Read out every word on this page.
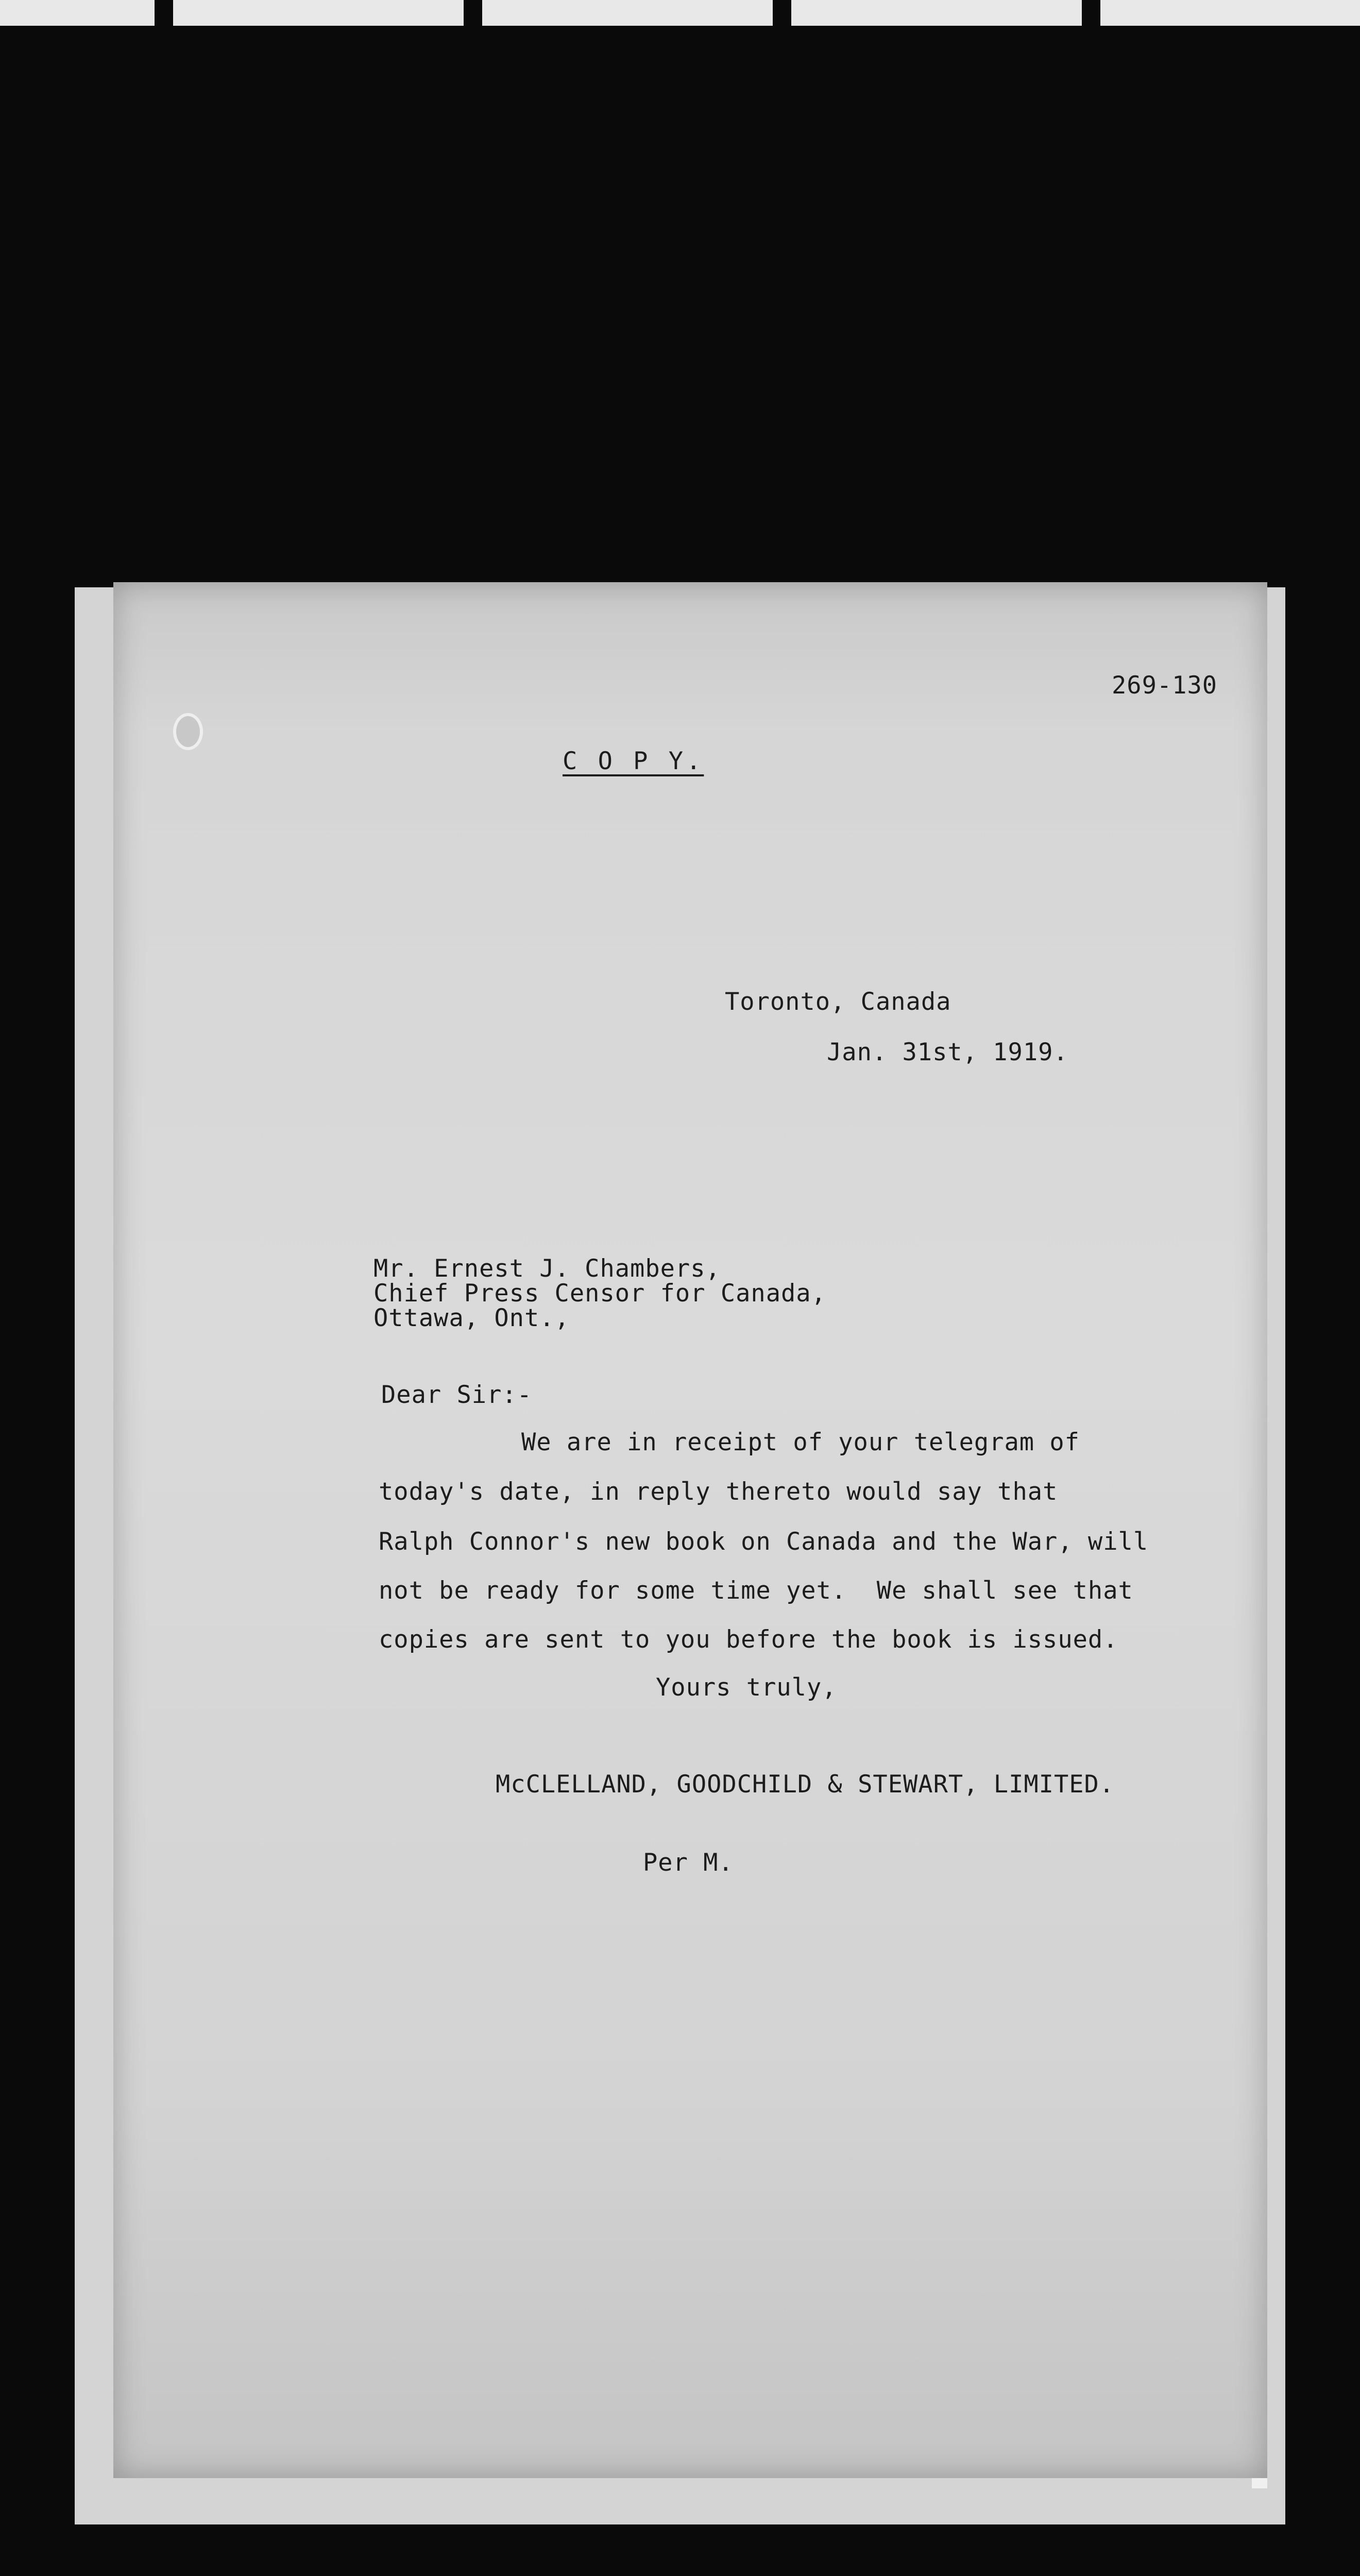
269-130
C O P Y.
Toronto, Canada
Jan. 31st, 1919.
Mr. Ernest J. Chambers,
Chief Press Censor for Canada,
Ottawa, Ont.,
Dear Sir:-
We are in receipt of your telegram of
today's date, in reply thereto would say that
Ralph Connor's new book on Canada and the War, will
not be ready for some time yet.  We shall see that
copies are sent to you before the book is issued.
Yours truly,
McCLELLAND, GOODCHILD & STEWART, LIMITED.
Per M.
